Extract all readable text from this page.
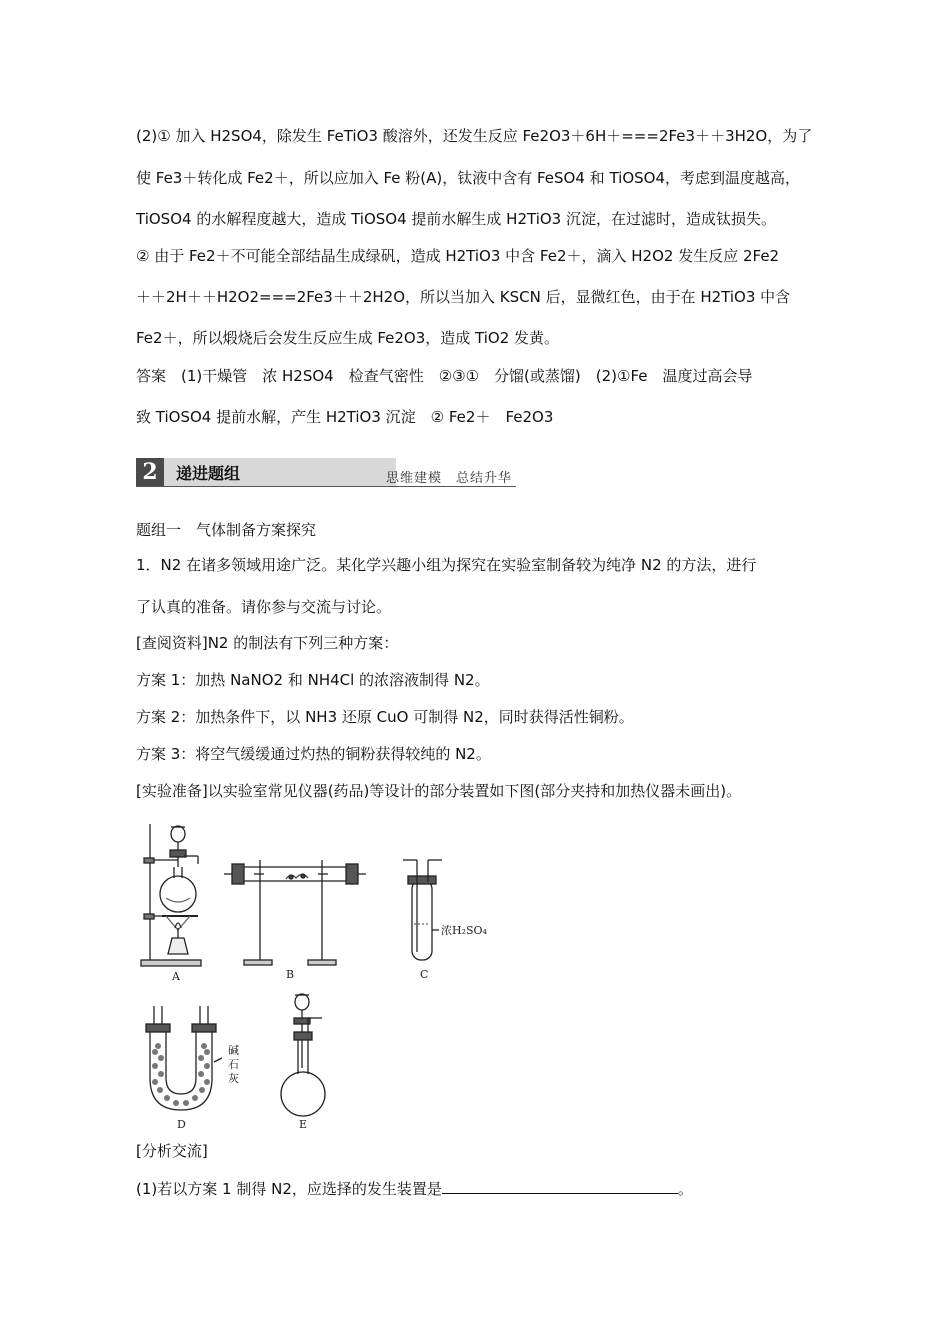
(2)① 加入 H2SO4，除发生 FeTiO3 酸溶外，还发生反应 Fe2O3＋6H＋===2Fe3＋＋3H2O，为了
使 Fe3＋转化成 Fe2＋，所以应加入 Fe 粉(A)，钛液中含有 FeSO4 和 TiOSO4，考虑到温度越高，
TiOSO4 的水解程度越大，造成 TiOSO4 提前水解生成 H2TiO3 沉淀，在过滤时，造成钛损失。
② 由于 Fe2＋不可能全部结晶生成绿矾，造成 H2TiO3 中含 Fe2＋，滴入 H2O2 发生反应 2Fe2
＋＋2H＋＋H2O2===2Fe3＋＋2H2O，所以当加入 KSCN 后，显微红色，由于在 H2TiO3 中含
Fe2＋，所以煅烧后会发生反应生成 Fe2O3，造成 TiO2 发黄。
答案　(1)干燥管　浓 H2SO4　检查气密性　②③①　分馏(或蒸馏)　(2)①Fe　温度过高会导
致 TiOSO4 提前水解，产生 H2TiO3 沉淀　② Fe2＋　Fe2O3
2	递进题组	思维建模　总结升华
题组一　气体制备方案探究
1．N2 在诸多领域用途广泛。某化学兴趣小组为探究在实验室制备较为纯净 N2 的方法，进行
了认真的准备。请你参与交流与讨论。
[查阅资料]N2 的制法有下列三种方案：
方案 1：加热 NaNO2 和 NH4Cl 的浓溶液制得 N2。
方案 2：加热条件下，以 NH3 还原 CuO 可制得 N2，同时获得活性铜粉。
方案 3：将空气缓缓通过灼热的铜粉获得较纯的 N2。
[实验准备]以实验室常见仪器(药品)等设计的部分装置如下图(部分夹持和加热仪器未画出)。
浓H₂SO₄
A	B	C
碱
石
灰
D	E
[分析交流]
(1)若以方案 1 制得 N2，应选择的发生装置是	。
